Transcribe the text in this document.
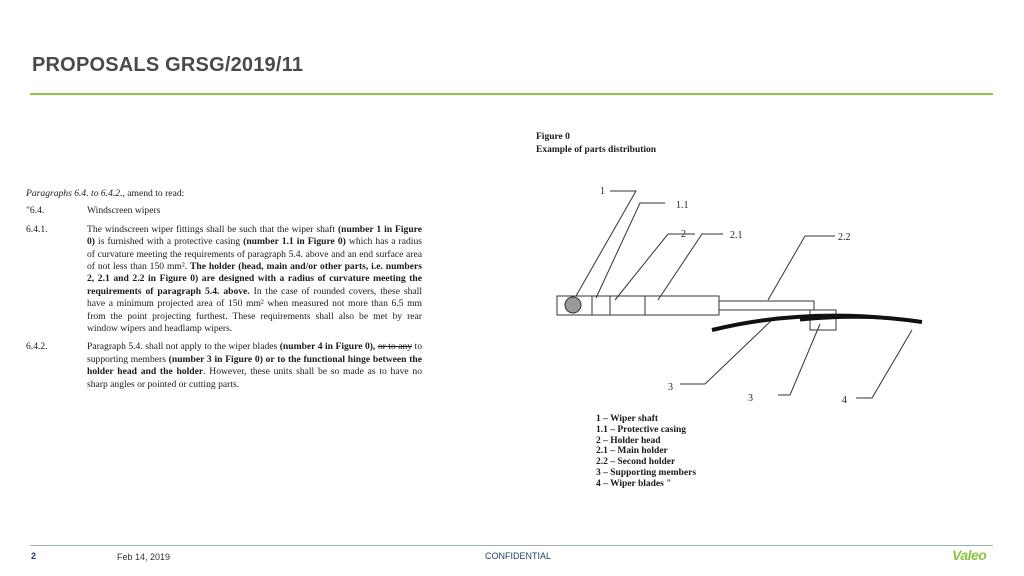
PROPOSALS GRSG/2019/11
Paragraphs 6.4. to 6.4.2., amend to read:
"6.4.	Windscreen wipers
6.4.1.	The windscreen wiper fittings shall be such that the wiper shaft (number 1 in Figure 0) is furnished with a protective casing (number 1.1 in Figure 0) which has a radius of curvature meeting the requirements of paragraph 5.4. above and an end surface area of not less than 150 mm². The holder (head, main and/or other parts, i.e. numbers 2, 2.1 and 2.2 in Figure 0) are designed with a radius of curvature meeting the requirements of paragraph 5.4. above. In the case of rounded covers, these shall have a minimum projected area of 150 mm² when measured not more than 6.5 mm from the point projecting furthest. These requirements shall also be met by rear window wipers and headlamp wipers.
6.4.2.	Paragraph 5.4. shall not apply to the wiper blades (number 4 in Figure 0), or to any to supporting members (number 3 in Figure 0) or to the functional hinge between the holder head and the holder. However, these units shall be so made as to have no sharp angles or pointed or cutting parts.
Figure 0
Example of parts distribution
1
1.1
2	2.1	2.2
3
3	4
1 – Wiper shaft
1.1 – Protective casing
2 – Holder head
2.1 – Main holder
2.2 – Second holder
3 – Supporting members
4 – Wiper blades "
2	Feb 14, 2019	CONFIDENTIAL	Valeo
